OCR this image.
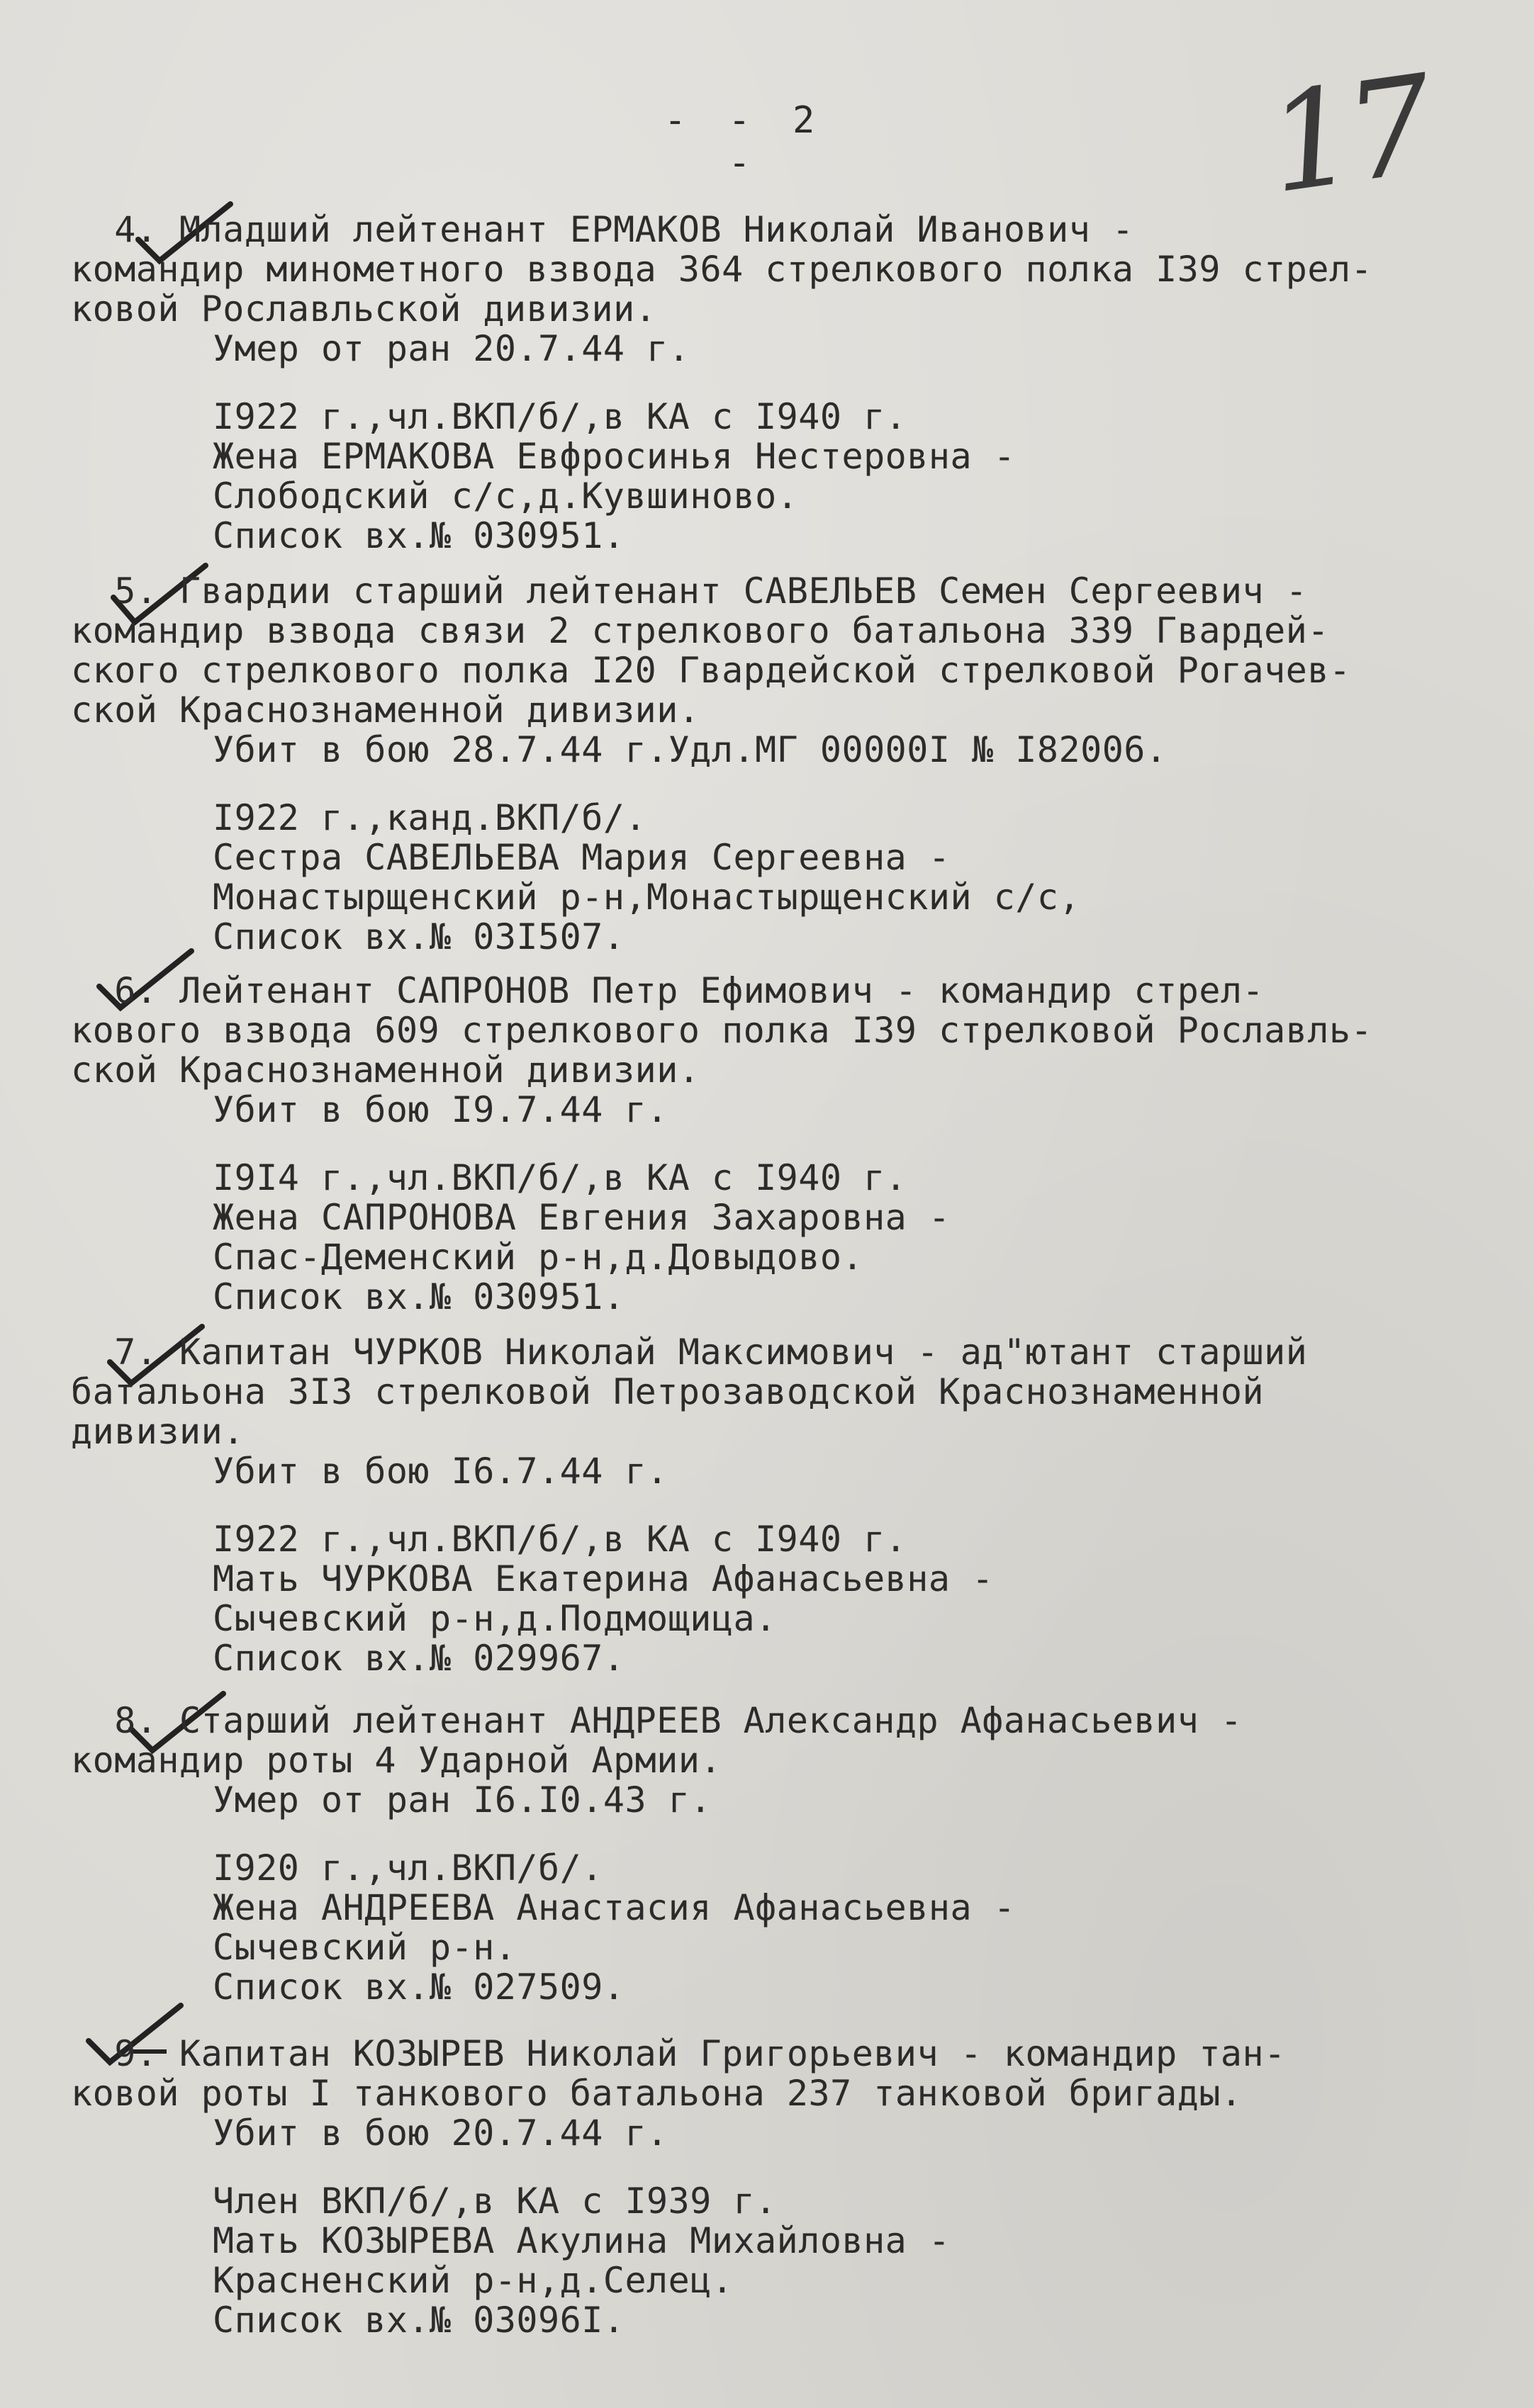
- - 2 -	17
4. Младший лейтенант ЕРМАКОВ Николай Иванович -
командир минометного взвода 364 стрелкового полка I39 стрел-
ковой Рославльской дивизии.
Умер от ран 20.7.44 г.
I922 г.,чл.ВКП/б/,в КА с I940 г.
Жена ЕРМАКОВА Евфросинья Нестеровна -
Слободский с/с,д.Кувшиново.
Список вх.№ 030951.
5. Гвардии старший лейтенант САВЕЛЬЕВ Семен Сергеевич -
командир взвода связи 2 стрелкового батальона 339 Гвардей-
ского стрелкового полка I20 Гвардейской стрелковой Рогачев-
ской Краснознаменной дивизии.
Убит в бою 28.7.44 г.Удл.МГ 00000I № I82006.
I922 г.,канд.ВКП/б/.
Сестра САВЕЛЬЕВА Мария Сергеевна -
Монастырщенский р-н,Монастырщенский с/с,
Список вх.№ 03I507.
6. Лейтенант САПРОНОВ Петр Ефимович - командир стрел-
кового взвода 609 стрелкового полка I39 стрелковой Рославль-
ской Краснознаменной дивизии.
Убит в бою I9.7.44 г.
I9I4 г.,чл.ВКП/б/,в КА с I940 г.
Жена САПРОНОВА Евгения Захаровна -
Спас-Деменский р-н,д.Довыдово.
Список вх.№ 030951.
7. Капитан ЧУРКОВ Николай Максимович - ад"ютант старший
батальона 3I3 стрелковой Петрозаводской Краснознаменной
дивизии.
Убит в бою I6.7.44 г.
I922 г.,чл.ВКП/б/,в КА с I940 г.
Мать ЧУРКОВА Екатерина Афанасьевна -
Сычевский р-н,д.Подмощица.
Список вх.№ 029967.
8. Старший лейтенант АНДРЕЕВ Александр Афанасьевич -
командир роты 4 Ударной Армии.
Умер от ран I6.I0.43 г.
I920 г.,чл.ВКП/б/.
Жена АНДРЕЕВА Анастасия Афанасьевна -
Сычевский р-н.
Список вх.№ 027509.
9. Капитан КОЗЫРЕВ Николай Григорьевич - командир тан-
ковой роты I танкового батальона 237 танковой бригады.
Убит в бою 20.7.44 г.
Член ВКП/б/,в КА с I939 г.
Мать КОЗЫРЕВА Акулина Михайловна -
Красненский р-н,д.Селец.
Список вх.№ 03096I.
